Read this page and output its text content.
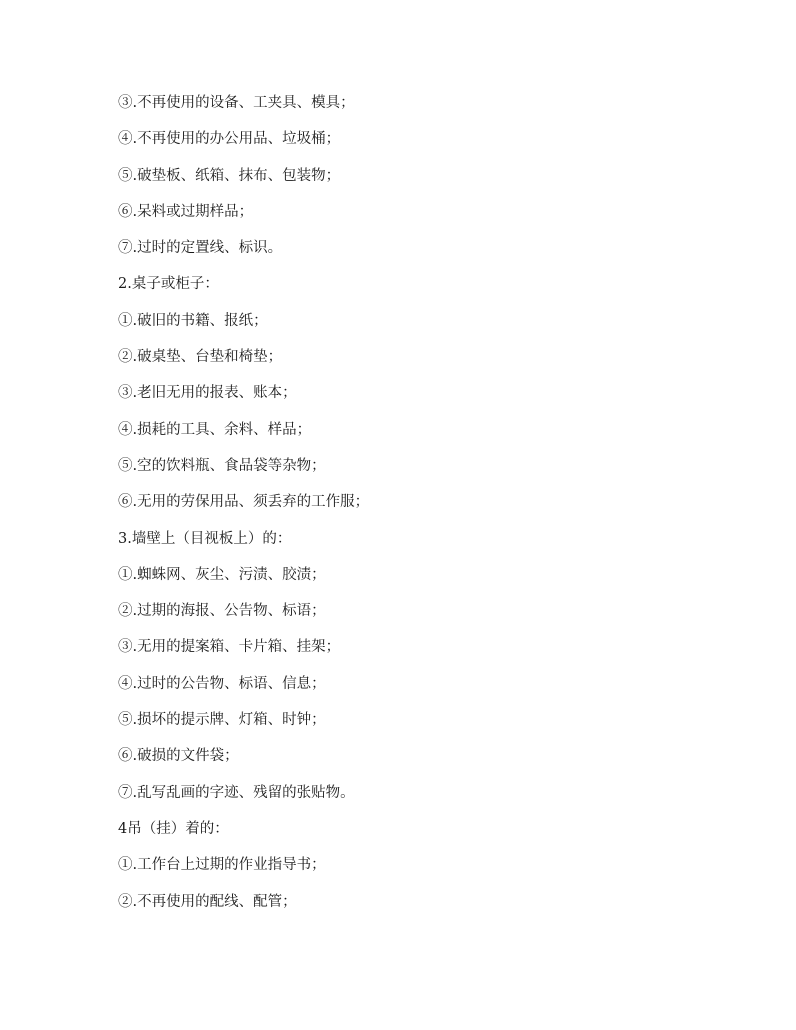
③.不再使用的设备、工夹具、模具；
④.不再使用的办公用品、垃圾桶；
⑤.破垫板、纸箱、抹布、包装物；
⑥.呆料或过期样品；
⑦.过时的定置线、标识。
2.桌子或柜子：
①.破旧的书籍、报纸；
②.破桌垫、台垫和椅垫；
③.老旧无用的报表、账本；
④.损耗的工具、余料、样品；
⑤.空的饮料瓶、食品袋等杂物；
⑥.无用的劳保用品、须丢弃的工作服；
3.墙壁上（目视板上）的：
①.蜘蛛网、灰尘、污渍、胶渍；
②.过期的海报、公告物、标语；
③.无用的提案箱、卡片箱、挂架；
④.过时的公告物、标语、信息；
⑤.损坏的提示牌、灯箱、时钟；
⑥.破损的文件袋；
⑦.乱写乱画的字迹、残留的张贴物。
4吊（挂）着的：
①.工作台上过期的作业指导书；
②.不再使用的配线、配管；
